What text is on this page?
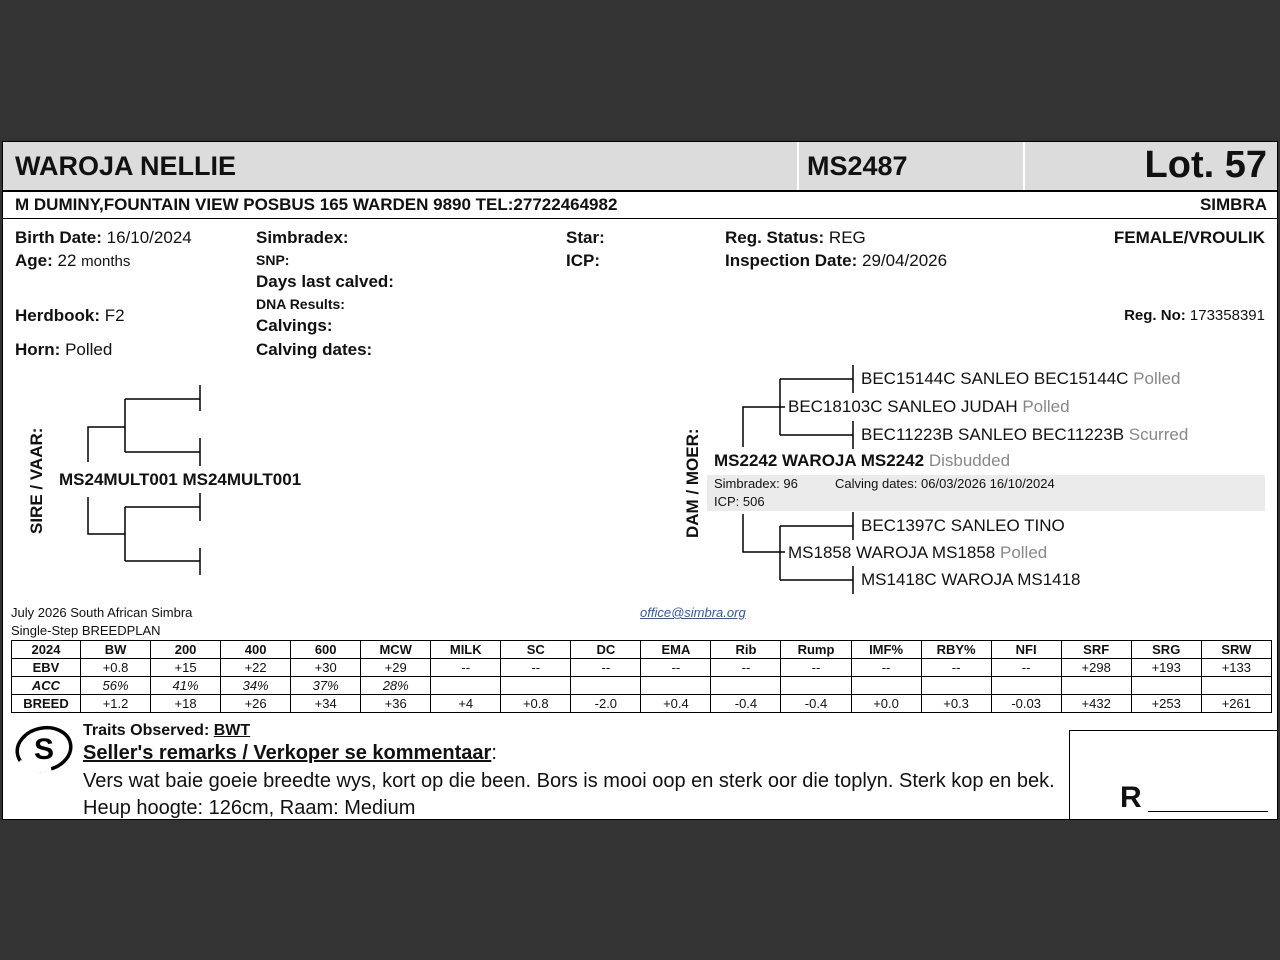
WAROJA NELLIE	MS2487	Lot. 57
M DUMINY,FOUNTAIN VIEW POSBUS 165 WARDEN 9890 TEL:27722464982	SIMBRA
Birth Date: 16/10/2024
Age: 22 months
Herdbook: F2
Horn: Polled
Simbradex:
SNP:
Days last calved:
DNA Results:
Calvings:
Calving dates:
Star:
ICP:
Reg. Status: REG
Inspection Date: 29/04/2026
FEMALE/VROULIK
Reg. No: 173358391
SIRE / VAAR: MS24MULT001 MS24MULT001	DAM / MOER:
BEC15144C SANLEO BEC15144C Polled
BEC18103C SANLEO JUDAH Polled
BEC11223B SANLEO BEC11223B Scurred
MS2242 WAROJA MS2242 Disbudded
Simbradex: 96	Calving dates: 06/03/2026 16/10/2024
ICP: 506
BEC1397C SANLEO TINO
MS1858 WAROJA MS1858 Polled
MS1418C WAROJA MS1418
July 2026 South African Simbra
Single-Step BREEDPLAN
office@simbra.org
2024	BW	200	400	600	MCW	MILK	SC	DC	EMA	Rib	Rump	IMF%	RBY%	NFI	SRF	SRG	SRW
EBV	+0.8	+15	+22	+30	+29	--	--	--	--	--	--	--	--	--	+298	+193	+133
ACC	56%	41%	34%	37%	28%												
BREED	+1.2	+18	+26	+34	+36	+4	+0.8	-2.0	+0.4	-0.4	-0.4	+0.0	+0.3	-0.03	+432	+253	+261
S
Traits Observed: BWT
Seller's remarks / Verkoper se kommentaar:
Vers wat baie goeie breedte wys, kort op die been. Bors is mooi oop en sterk oor die toplyn. Sterk kop en bek. Heup hoogte: 126cm, Raam: Medium	R
